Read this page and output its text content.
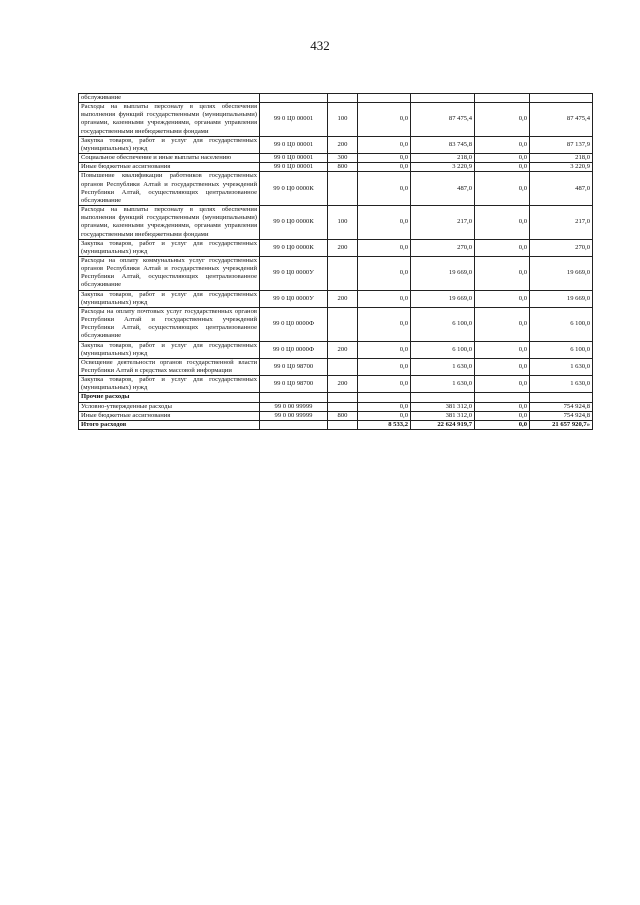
432
обслуживание						
Расходы на выплаты персоналу в целях обеспечения выполнения функций государственными (муниципальными) органами, казенными учреждениями, органами управления государственными внебюджетными фондами	99 0 Ц0 00001	100	0,0	87 475,4	0,0	87 475,4
Закупка товаров, работ и услуг для государственных (муниципальных) нужд	99 0 Ц0 00001	200	0,0	83 745,8	0,0	87 137,9
Социальное обеспечение и иные выплаты населению	99 0 Ц0 00001	300	0,0	218,0	0,0	218,0
Иные бюджетные ассигнования	99 0 Ц0 00001	800	0,0	3 220,9	0,0	3 220,9
Повышение квалификации работников государственных органов Республики Алтай и государственных учреждений Республики Алтай, осуществляющих централизованное обслуживание	99 0 Ц0 0000К		0,0	487,0	0,0	487,0
Расходы на выплаты персоналу в целях обеспечения выполнения функций государственными (муниципальными) органами, казенными учреждениями, органами управления государственными внебюджетными фондами	99 0 Ц0 0000К	100	0,0	217,0	0,0	217,0
Закупка товаров, работ и услуг для государственных (муниципальных) нужд	99 0 Ц0 0000К	200	0,0	270,0	0,0	270,0
Расходы на оплату коммунальных услуг государственных органов Республики Алтай и государственных учреждений Республики Алтай, осуществляющих централизованное обслуживание	99 0 Ц0 0000У		0,0	19 669,0	0,0	19 669,0
Закупка товаров, работ и услуг для государственных (муниципальных) нужд	99 0 Ц0 0000У	200	0,0	19 669,0	0,0	19 669,0
Расходы на оплату почтовых услуг государственных органов Республики Алтай и государственных учреждений Республики Алтай, осуществляющих централизованное обслуживание	99 0 Ц0 0000Ф		0,0	6 100,0	0,0	6 100,0
Закупка товаров, работ и услуг для государственных (муниципальных) нужд	99 0 Ц0 0000Ф	200	0,0	6 100,0	0,0	6 100,0
Освещение деятельности органов государственной власти Республики Алтай в средствах массовой информации	99 0 Ц0 98700		0,0	1 630,0	0,0	1 630,0
Закупка товаров, работ и услуг для государственных (муниципальных) нужд	99 0 Ц0 98700	200	0,0	1 630,0	0,0	1 630,0
Прочие расходы						
Условно-утвержденные расходы	99 0 00 99999		0,0	381 312,0	0,0	754 924,8
Иные бюджетные ассигнования	99 0 00 99999	800	0,0	381 312,0	0,0	754 924,8
Итого расходов			8 533,2	22 624 919,7	0,0	21 657 920,7»
